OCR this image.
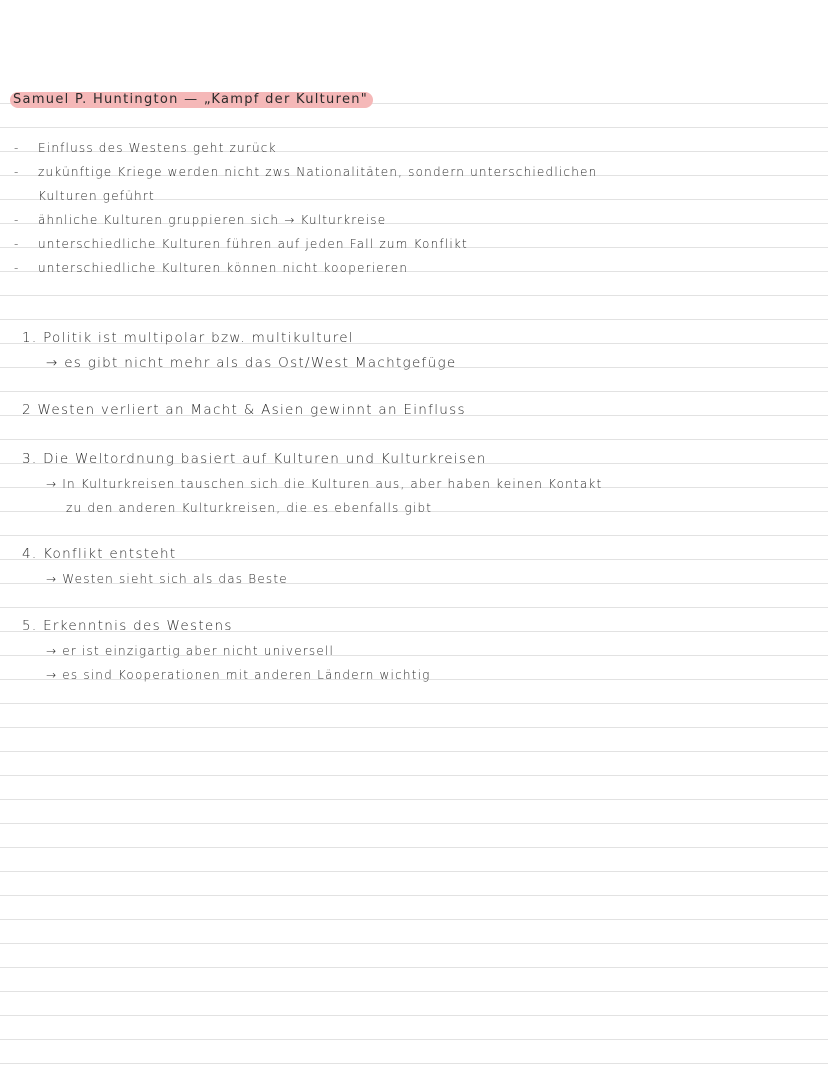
Samuel P. Huntington — „Kampf der Kulturen"
- Einfluss des Westens geht zurück
- zukünftige Kriege werden nicht zws Nationalitäten, sondern unterschiedlichen
Kulturen geführt
- ähnliche Kulturen gruppieren sich → Kulturkreise
- unterschiedliche Kulturen führen auf jeden Fall zum Konflikt
- unterschiedliche Kulturen können nicht kooperieren
1. Politik ist multipolar bzw. multikulturel
→ es gibt nicht mehr als das Ost/West Machtgefüge
2 Westen verliert an Macht & Asien gewinnt an Einfluss
3. Die Weltordnung basiert auf Kulturen und Kulturkreisen
→ In Kulturkreisen tauschen sich die Kulturen aus, aber haben keinen Kontakt
zu den anderen Kulturkreisen, die es ebenfalls gibt
4. Konflikt entsteht
→ Westen sieht sich als das Beste
5. Erkenntnis des Westens
→ er ist einzigartig aber nicht universell
→ es sind Kooperationen mit anderen Ländern wichtig
